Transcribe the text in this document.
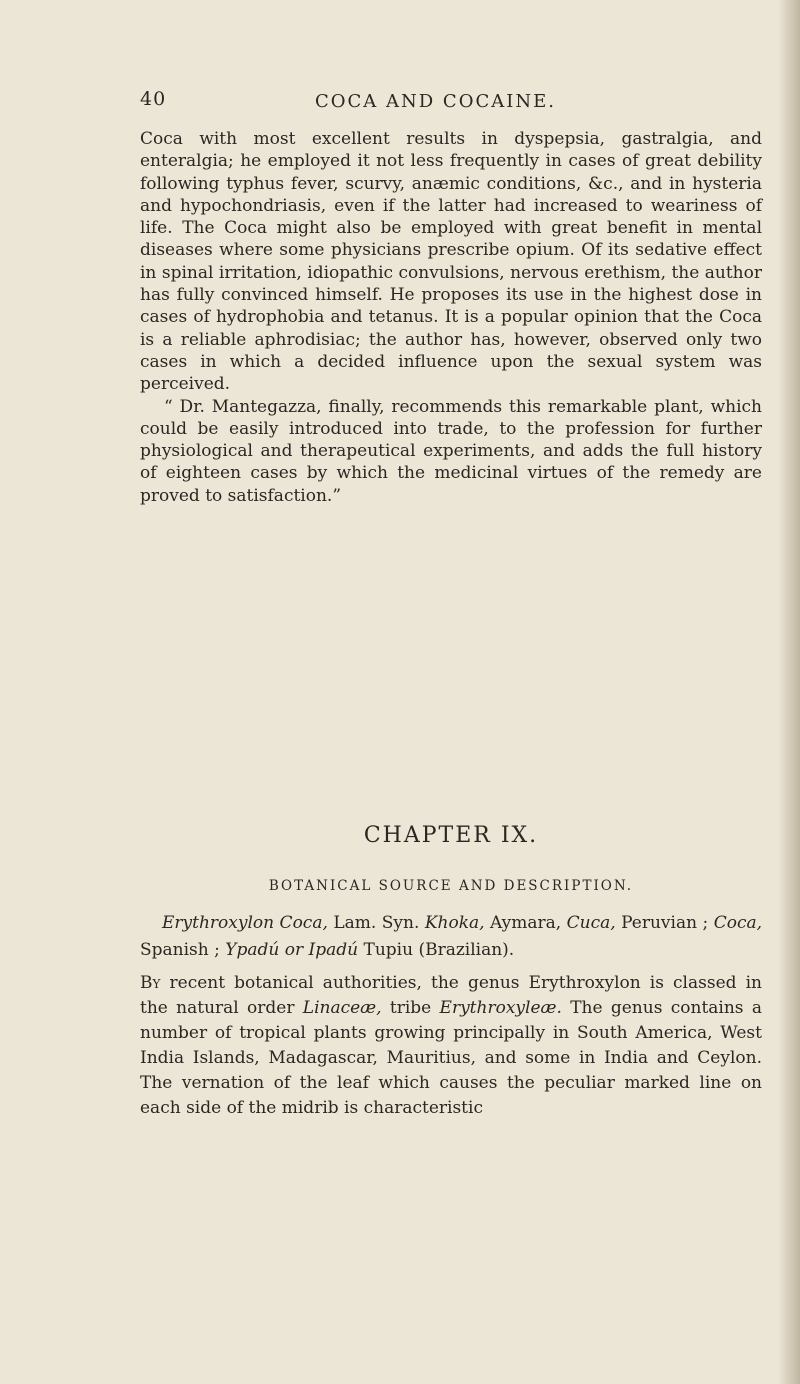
40	COCA AND COCAINE.

Coca with most excellent results in dyspepsia, gastralgia, and enteralgia; he employed it not less frequently in cases of great debility following typhus fever, scurvy, anæmic conditions, &c., and in hysteria and hypochondriasis, even if the latter had increased to weariness of life. The Coca might also be employed with great benefit in mental diseases where some physicians prescribe opium. Of its sedative effect in spinal irritation, idiopathic convulsions, nervous erethism, the author has fully convinced himself. He proposes its use in the highest dose in cases of hydrophobia and tetanus. It is a popular opinion that the Coca is a reliable aphrodisiac; the author has, however, observed only two cases in which a decided influence upon the sexual system was perceived.

“ Dr. Mantegazza, finally, recommends this remarkable plant, which could be easily introduced into trade, to the profession for further physiological and therapeutical experiments, and adds the full history of eighteen cases by which the medicinal virtues of the remedy are proved to satisfaction.”

CHAPTER IX.
BOTANICAL SOURCE AND DESCRIPTION.

Erythroxylon Coca, Lam. Syn. Khoka, Aymara, Cuca, Peruvian ; Coca, Spanish ; Ypadú or Ipadú Tupiu (Brazilian).

By recent botanical authorities, the genus Erythroxylon is classed in the natural order Linaceæ, tribe Erythroxyleæ. The genus contains a number of tropical plants growing principally in South America, West India Islands, Madagascar, Mauritius, and some in India and Ceylon. The vernation of the leaf which causes the peculiar marked line on each side of the midrib is characteristic
